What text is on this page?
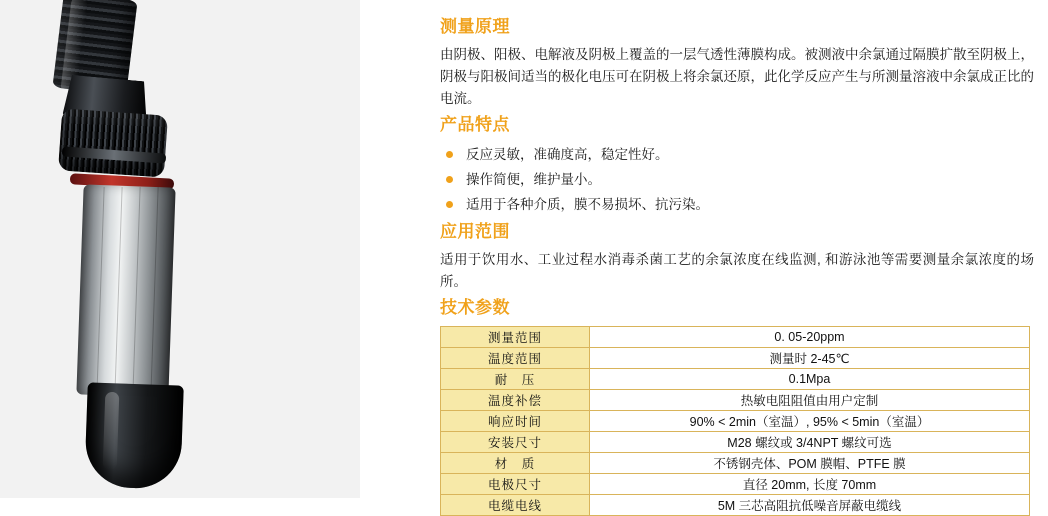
测量原理

由阴极、阳极、电解液及阴极上覆盖的一层气透性薄膜构成。被测液中余氯通过隔膜扩散至阴极上，阴极与阳极间适当的极化电压可在阴极上将余氯还原，此化学反应产生与所测量溶液中余氯成正比的电流。

产品特点
反应灵敏，准确度高，稳定性好。
操作简便，维护量小。
适用于各种介质，膜不易损坏、抗污染。
应用范围

适用于饮用水、工业过程水消毒杀菌工艺的余氯浓度在线监测, 和游泳池等需要测量余氯浓度的场所。

技术参数
测量范围	0. 05-20ppm
温度范围	测量时 2-45℃
耐　压	0.1Mpa
温度补偿	热敏电阻阻值由用户定制
响应时间	90% < 2min（室温）, 95% < 5min（室温）
安装尺寸	M28 螺纹或 3/4NPT 螺纹可选
材　质	不锈钢壳体、POM 膜帽、PTFE 膜
电极尺寸	直径 20mm, 长度 70mm
电缆电线	5M 三芯高阻抗低噪音屏蔽电缆线
